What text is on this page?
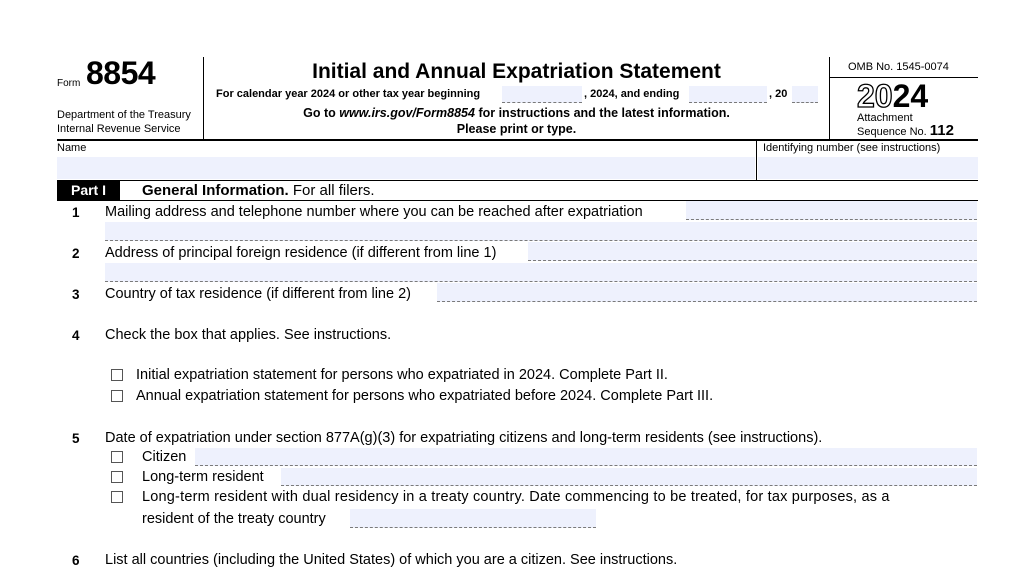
Form 8854
Department of the Treasury
Internal Revenue Service
Initial and Annual Expatriation Statement
For calendar year 2024 or other tax year beginning	, 2024, and ending	, 20
Go to www.irs.gov/Form8854 for instructions and the latest information.
Please print or type.
OMB No. 1545-0074
2024
Attachment
Sequence No. 112
Name	Identifying number (see instructions)
Part I	General Information. For all filers.
1 Mailing address and telephone number where you can be reached after expatriation
2 Address of principal foreign residence (if different from line 1)
3 Country of tax residence (if different from line 2)
4 Check the box that applies. See instructions.
Initial expatriation statement for persons who expatriated in 2024. Complete Part II.
Annual expatriation statement for persons who expatriated before 2024. Complete Part III.
5 Date of expatriation under section 877A(g)(3) for expatriating citizens and long-term residents (see instructions).
Citizen
Long-term resident
Long-term resident with dual residency in a treaty country. Date commencing to be treated, for tax purposes, as a
resident of the treaty country
6 List all countries (including the United States) of which you are a citizen. See instructions.
